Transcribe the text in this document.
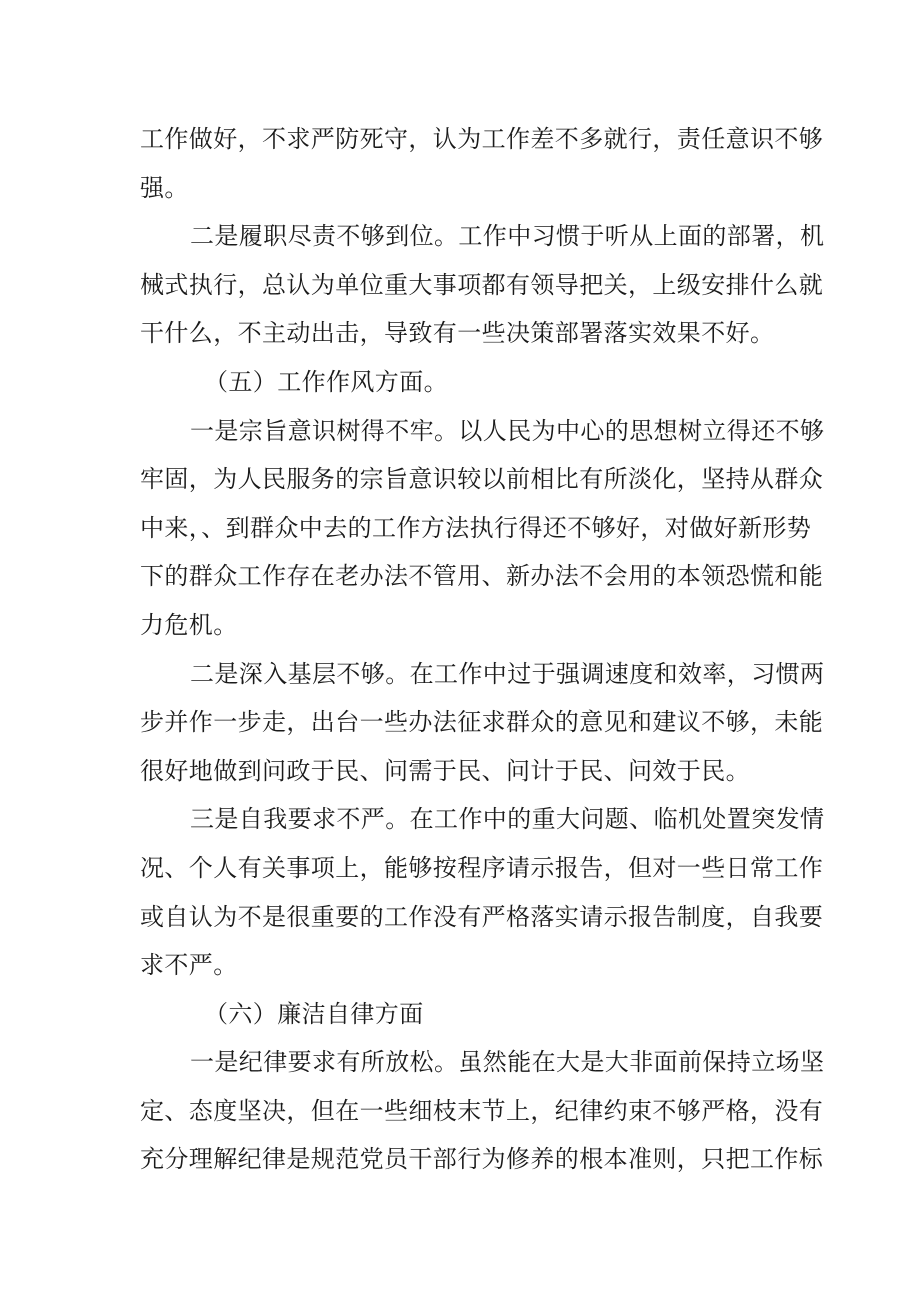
工作做好，不求严防死守，认为工作差不多就行，责任意识不够
强。
二是履职尽责不够到位。工作中习惯于听从上面的部署，机
械式执行，总认为单位重大事项都有领导把关，上级安排什么就
干什么，不主动出击，导致有一些决策部署落实效果不好。
（五）工作作风方面。
一是宗旨意识树得不牢。以人民为中心的思想树立得还不够
牢固，为人民服务的宗旨意识较以前相比有所淡化，坚持从群众
中来，、到群众中去的工作方法执行得还不够好，对做好新形势
下的群众工作存在老办法不管用、新办法不会用的本领恐慌和能
力危机。
二是深入基层不够。在工作中过于强调速度和效率，习惯两
步并作一步走，出台一些办法征求群众的意见和建议不够，未能
很好地做到问政于民、问需于民、问计于民、问效于民。
三是自我要求不严。在工作中的重大问题、临机处置突发情
况、个人有关事项上，能够按程序请示报告，但对一些日常工作
或自认为不是很重要的工作没有严格落实请示报告制度，自我要
求不严。
（六）廉洁自律方面
一是纪律要求有所放松。虽然能在大是大非面前保持立场坚
定、态度坚决，但在一些细枝末节上，纪律约束不够严格，没有
充分理解纪律是规范党员干部行为修养的根本准则，只把工作标
